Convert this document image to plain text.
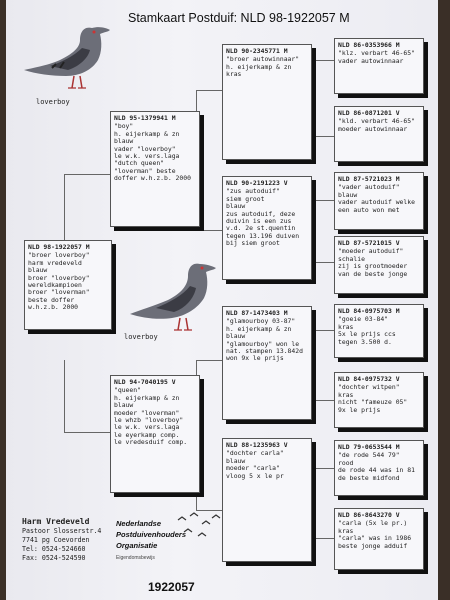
Stamkaart Postduif: NLD 98-1922057 M
loverboy
loverboy
NLD 98-1922057 M
"broer loverboy"
harm vredeveld
blauw
broer "loverboy"
wereldkampioen
broer "loverman"
beste doffer
w.h.z.b. 2000
NLD 95-1379941 M
"boy"
h. eijerkamp & zn
blauw
vader "loverboy"
le w.k. vers.laga
"dutch queen"
"loverman" beste
doffer w.h.z.b. 2000
NLD 94-7040195 V
"queen"
h. eijerkamp & zn
blauw
moeder "loverman"
le whzb "loverboy"
le w.k. vers.laga
le eyerkamp comp.
le vredesduif comp.
NLD 90-2345771 M
"broer autowinnaar"
h. eijerkamp & zn
kras
NLD 90-2191223 V
"zus autoduif"
siem groot
blauw
zus autoduif, deze
duivin is een zus
v.d. 2e st.quentin
tegen 13.196 duiven
bij siem groot
NLD 87-1473403 M
"glamourboy 03-87"
h. eijerkamp & zn
blauw
"glamourboy" won le
nat. stampen 13.842d
won 9x le prijs
NLD 88-1235963 V
"dochter carla"
blauw
moeder "carla"
vloog 5 x le pr
NLD 86-0353966 M
"klz. verbart 46-65"
vader autowinnaar
NLD 86-0871201 V
"kld. verbart 46-65"
moeder autowinnaar
NLD 87-5721023 M
"vader autoduif"
blauw
vader autoduif welke
een auto won met
NLD 87-5721015 V
"moeder autoduif"
schalie
zij is grootmoeder
van de beste jonge
NLD 84-0975703 M
"goeie 03-84"
kras
5x le prijs ccs
tegen 3.500 d.
NLD 84-0975732 V
"dochter witpen"
kras
nicht "fameuze 05"
9x le prijs
NLD 79-0653544 M
"de rode 544 79"
rood
de rode 44 was in 81
de beste midfond
NLD 86-8643270 V
"carla (5x le pr.)
kras
"carla" was in 1986
beste jonge adduif
Harm Vredeveld
Pastoor Slosserstr.4
7741 pg Coevorden
Tel: 0524-524660
Fax: 0524-524590
Nederlandse
Postduivenhouders
Organisatie
Eigendomsbewijs
1922057
